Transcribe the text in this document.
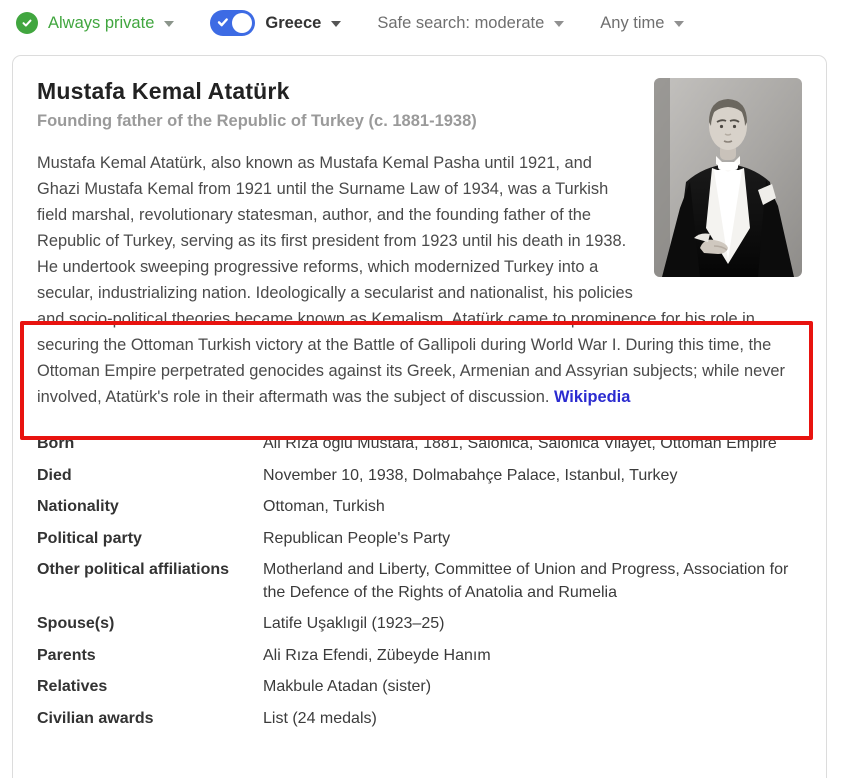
Always private	Greece	Safe search: moderate	Any time
Mustafa Kemal Atatürk
Founding father of the Republic of Turkey (c. 1881-1938)

Mustafa Kemal Atatürk, also known as Mustafa Kemal Pasha until 1921, and Ghazi Mustafa Kemal from 1921 until the Surname Law of 1934, was a Turkish field marshal, revolutionary statesman, author, and the founding father of the Republic of Turkey, serving as its first president from 1923 until his death in 1938. He undertook sweeping progressive reforms, which modernized Turkey into a secular, industrializing nation. Ideologically a secularist and nationalist, his policies and socio-political theories became known as Kemalism. Atatürk came to prominence for his role in securing the Ottoman Turkish victory at the Battle of Gallipoli during World War I. During this time, the Ottoman Empire perpetrated genocides against its Greek, Armenian and Assyrian subjects; while never involved, Atatürk's role in their aftermath was the subject of discussion. Wikipedia

Born	Ali Rıza oğlu Mustafa, 1881, Salonica, Salonica Vilayet, Ottoman Empire
Died	November 10, 1938, Dolmabahçe Palace, Istanbul, Turkey
Nationality	Ottoman, Turkish
Political party	Republican People's Party
Other political affiliations	Motherland and Liberty, Committee of Union and Progress, Association for the Defence of the Rights of Anatolia and Rumelia
Spouse(s)	Latife Uşaklıgil (1923–25)
Parents	Ali Rıza Efendi, Zübeyde Hanım
Relatives	Makbule Atadan (sister)
Civilian awards	List (24 medals)
